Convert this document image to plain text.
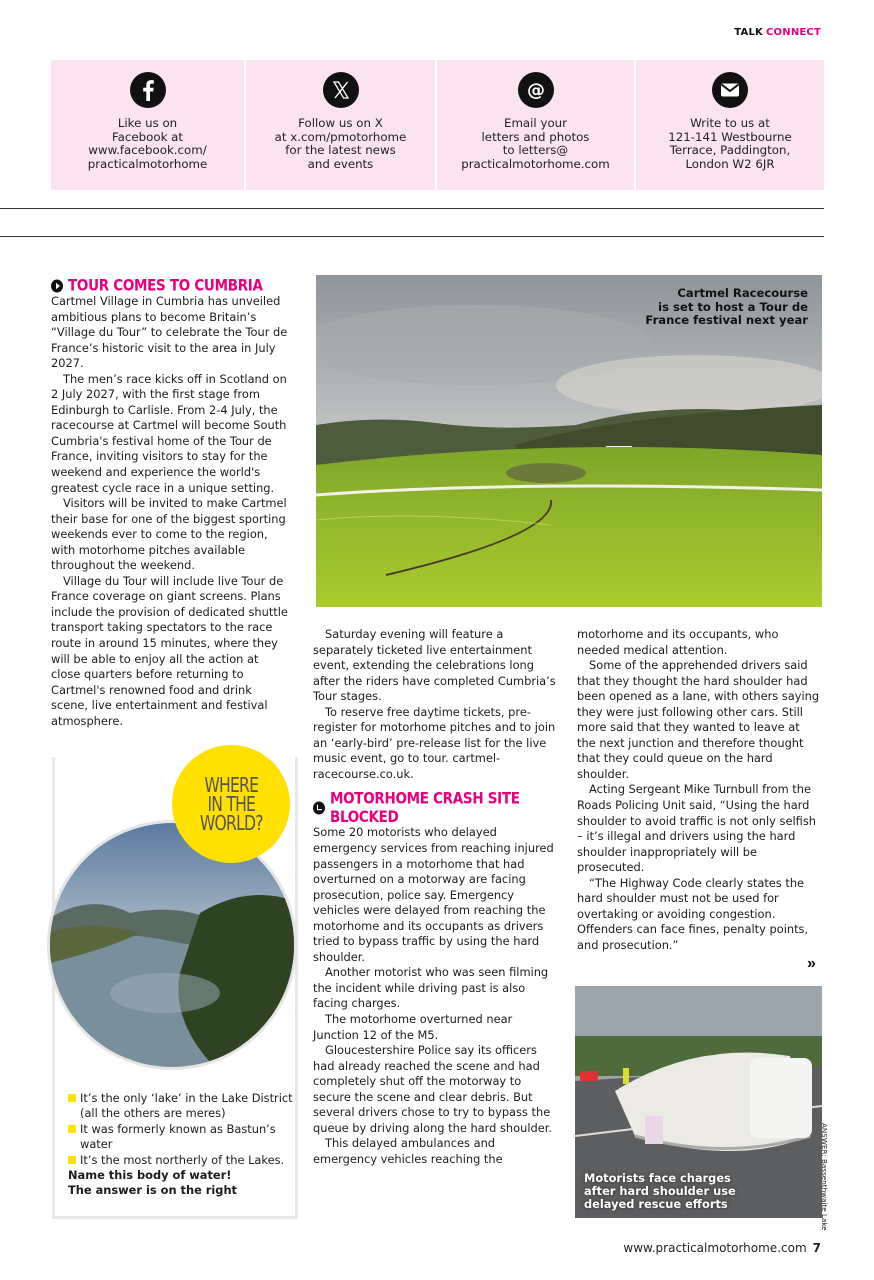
TALK CONNECT
Like us on
Facebook at
www.facebook.com/
practicalmotorhome
Follow us on X
at x.com/pmotorhome
for the latest news
and events
@
Email your
letters and photos
to letters@
practicalmotorhome.com
Write to us at
121-141 Westbourne
Terrace, Paddington,
London W2 6JR
TOUR COMES TO CUMBRIA

Cartmel Village in Cumbria has unveiled ambitious plans to become Britain’s “Village du Tour” to celebrate the Tour de France’s historic visit to the area in July 2027.

The men’s race kicks off in Scotland on 2 July 2027, with the first stage from Edinburgh to Carlisle. From 2-4 July, the racecourse at Cartmel will become South Cumbria's festival home of the Tour de France, inviting visitors to stay for the weekend and experience the world's greatest cycle race in a unique setting.

Visitors will be invited to make Cartmel their base for one of the biggest sporting weekends ever to come to the region, with motorhome pitches available throughout the weekend.

Village du Tour will include live Tour de France coverage on giant screens. Plans include the provision of dedicated shuttle transport taking spectators to the race route in around 15 minutes, where they will be able to enjoy all the action at close quarters before returning to Cartmel's renowned food and drink scene, live entertainment and festival atmosphere.

Cartmel Racecourse
is set to host a Tour de
France festival next year

Saturday evening will feature a separately ticketed live entertainment event, extending the celebrations long after the riders have completed Cumbria’s Tour stages.

To reserve free daytime tickets, pre-register for motorhome pitches and to join an ‘early-bird’ pre-release list for the live music event, go to tour. cartmel-racecourse.co.uk.

MOTORHOME CRASH SITE BLOCKED

Some 20 motorists who delayed emergency services from reaching injured passengers in a motorhome that had overturned on a motorway are facing prosecution, police say. Emergency vehicles were delayed from reaching the motorhome and its occupants as drivers tried to bypass traffic by using the hard shoulder.

Another motorist who was seen filming the incident while driving past is also facing charges.

The motorhome overturned near Junction 12 of the M5.

Gloucestershire Police say its officers had already reached the scene and had completely shut off the motorway to secure the scene and clear debris. But several drivers chose to try to bypass the queue by driving along the hard shoulder.

This delayed ambulances and emergency vehicles reaching the

motorhome and its occupants, who needed medical attention.

Some of the apprehended drivers said that they thought the hard shoulder had been opened as a lane, with others saying they were just following other cars. Still more said that they wanted to leave at the next junction and therefore thought that they could queue on the hard shoulder.

Acting Sergeant Mike Turnbull from the Roads Policing Unit said, “Using the hard shoulder to avoid traffic is not only selfish – it’s illegal and drivers using the hard shoulder inappropriately will be prosecuted.

“The Highway Code clearly states the hard shoulder must not be used for overtaking or avoiding congestion. Offenders can face fines, penalty points, and prosecution.”

»
Motorists face charges
after hard shoulder use
delayed rescue efforts
WHERE
IN THE
WORLD?
It’s the only ‘lake’ in the Lake District (all the others are meres)
It was formerly known as Bastun’s water
It’s the most northerly of the Lakes.
Name this body of water!
The answer is on the right	ANSWER: Bassenthwaite Lake
www.practicalmotorhome.com 7
